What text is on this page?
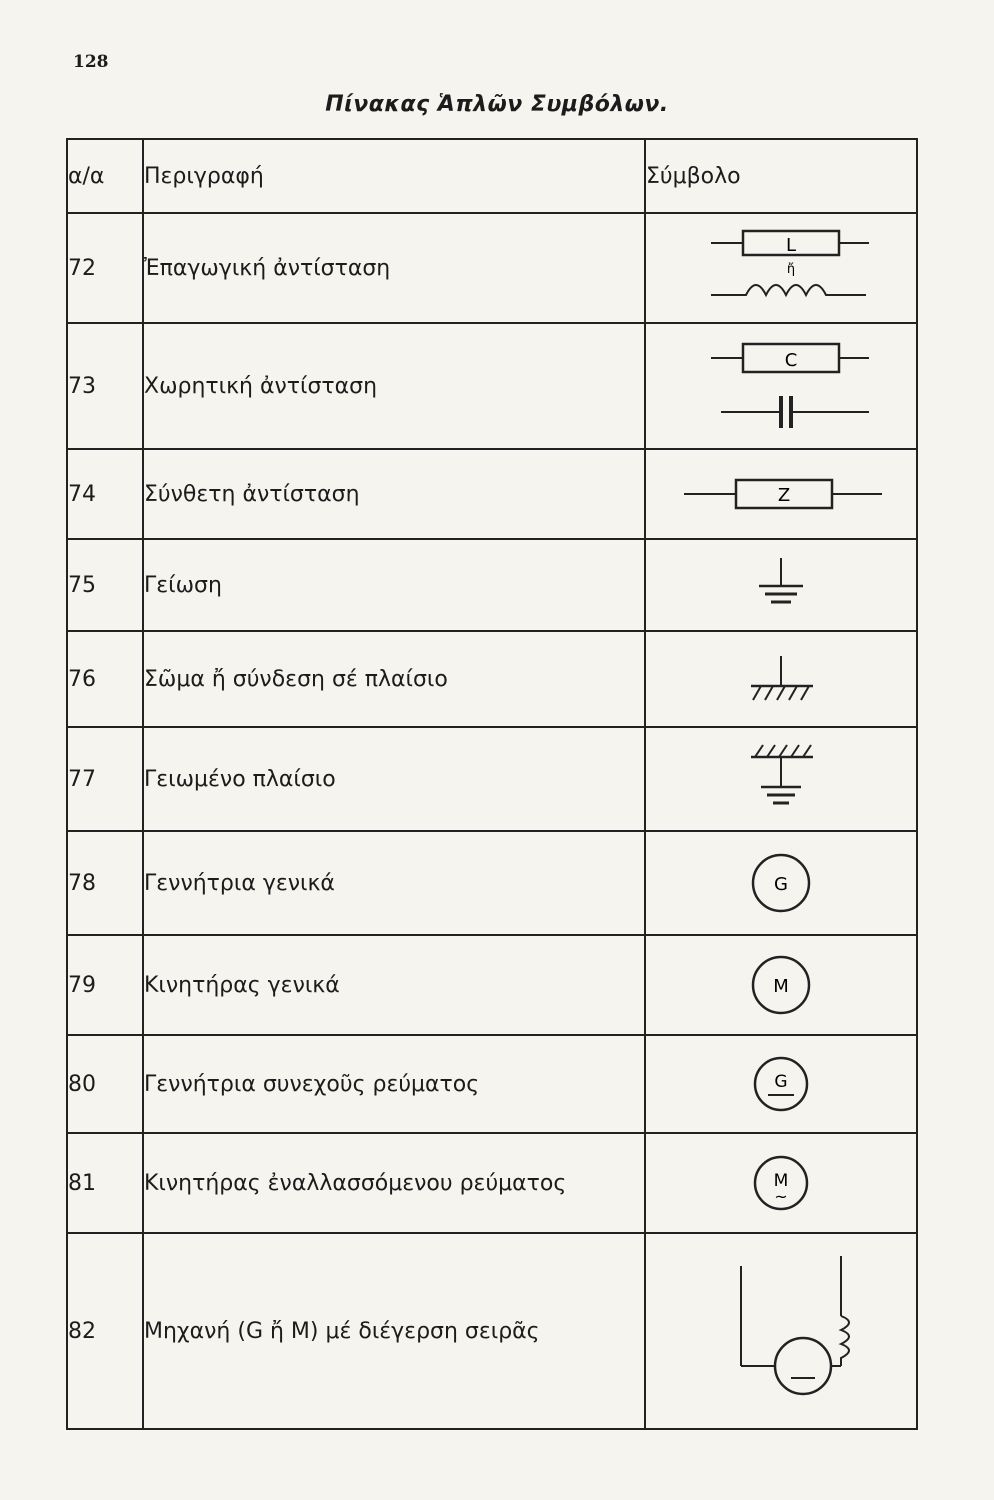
128
Πίνακας Ἁπλῶν Συμβόλων.
α/α	Περιγραφή	Σύμβολο
72	Ἐπαγωγική ἀντίσταση	L
ἤ

73	Χωρητική ἀντίσταση	C

74	Σύνθετη ἀντίσταση	Z

75	Γείωση	

76	Σῶμα ἤ σύνδεση σέ πλαίσιο	

77	Γειωμένο πλαίσιο	

78	Γεννήτρια γενικά	G

79	Κινητήρας γενικά	M

80	Γεννήτρια συνεχοῦς ρεύματος	G

81	Κινητήρας ἐναλλασσόμενου ρεύματος	M
~

82	Μηχανή (G ἤ M) μέ διέγερση σειρᾶς	
